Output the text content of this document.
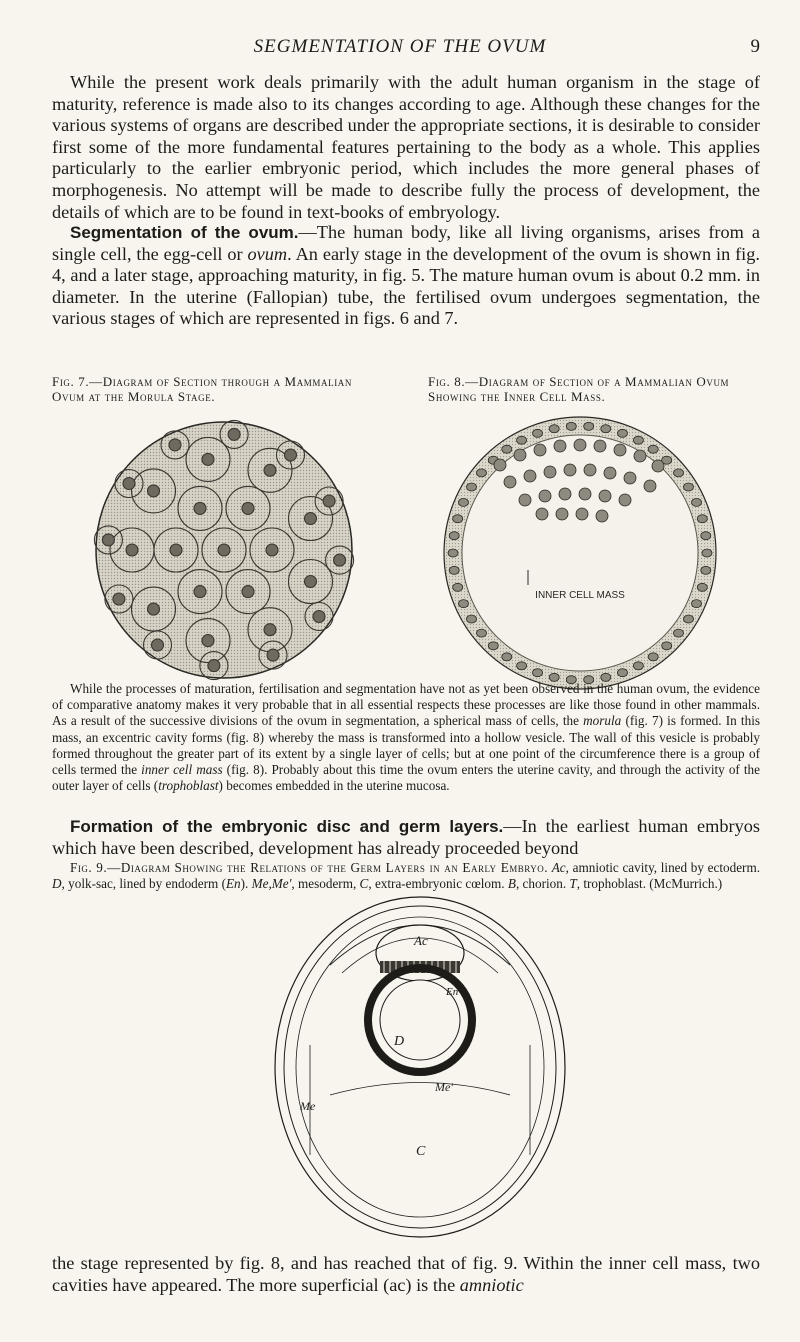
SEGMENTATION OF THE OVUM	9

While the present work deals primarily with the adult human organism in the stage of maturity, reference is made also to its changes according to age. Although these changes for the various systems of organs are described under the appropriate sections, it is desirable to consider first some of the more fundamental features pertaining to the body as a whole. This applies particularly to the earlier embryonic period, which includes the more general phases of morphogenesis. No attempt will be made to describe fully the process of development, the details of which are to be found in text-books of embryology.

Segmentation of the ovum.—The human body, like all living organisms, arises from a single cell, the egg-cell or ovum. An early stage in the development of the ovum is shown in fig. 4, and a later stage, approaching maturity, in fig. 5. The mature human ovum is about 0.2 mm. in diameter. In the uterine (Fallopian) tube, the fertilised ovum undergoes segmentation, the various stages of which are represented in figs. 6 and 7.

Fig. 7.—Diagram of Section through a Mammalian Ovum at the Morula Stage.
Fig. 8.—Diagram of Section of a Mammalian Ovum Showing the Inner Cell Mass.
INNER CELL MASS

While the processes of maturation, fertilisation and segmentation have not as yet been observed in the human ovum, the evidence of comparative anatomy makes it very probable that in all essential respects these processes are like those found in other mammals. As a result of the successive divisions of the ovum in segmentation, a spherical mass of cells, the morula (fig. 7) is formed. In this mass, an excentric cavity forms (fig. 8) whereby the mass is transformed into a hollow vesicle. The wall of this vesicle is probably formed throughout the greater part of its extent by a single layer of cells; but at one point of the circumference there is a group of cells termed the inner cell mass (fig. 8). Probably about this time the ovum enters the uterine cavity, and through the activity of the outer layer of cells (trophoblast) becomes embedded in the uterine mucosa.

Formation of the embryonic disc and germ layers.—In the earliest human embryos which have been described, development has already proceeded beyond

Fig. 9.—Diagram Showing the Relations of the Germ Layers in an Early Embryo. Ac, amniotic cavity, lined by ectoderm. D, yolk-sac, lined by endoderm (En). Me,Me', mesoderm, C, extra-embryonic cœlom. B, chorion. T, trophoblast. (McMurrich.)
Ac
En
D
Me'
Me
C

the stage represented by fig. 8, and has reached that of fig. 9. Within the inner cell mass, two cavities have appeared. The more superficial (ac) is the amniotic
